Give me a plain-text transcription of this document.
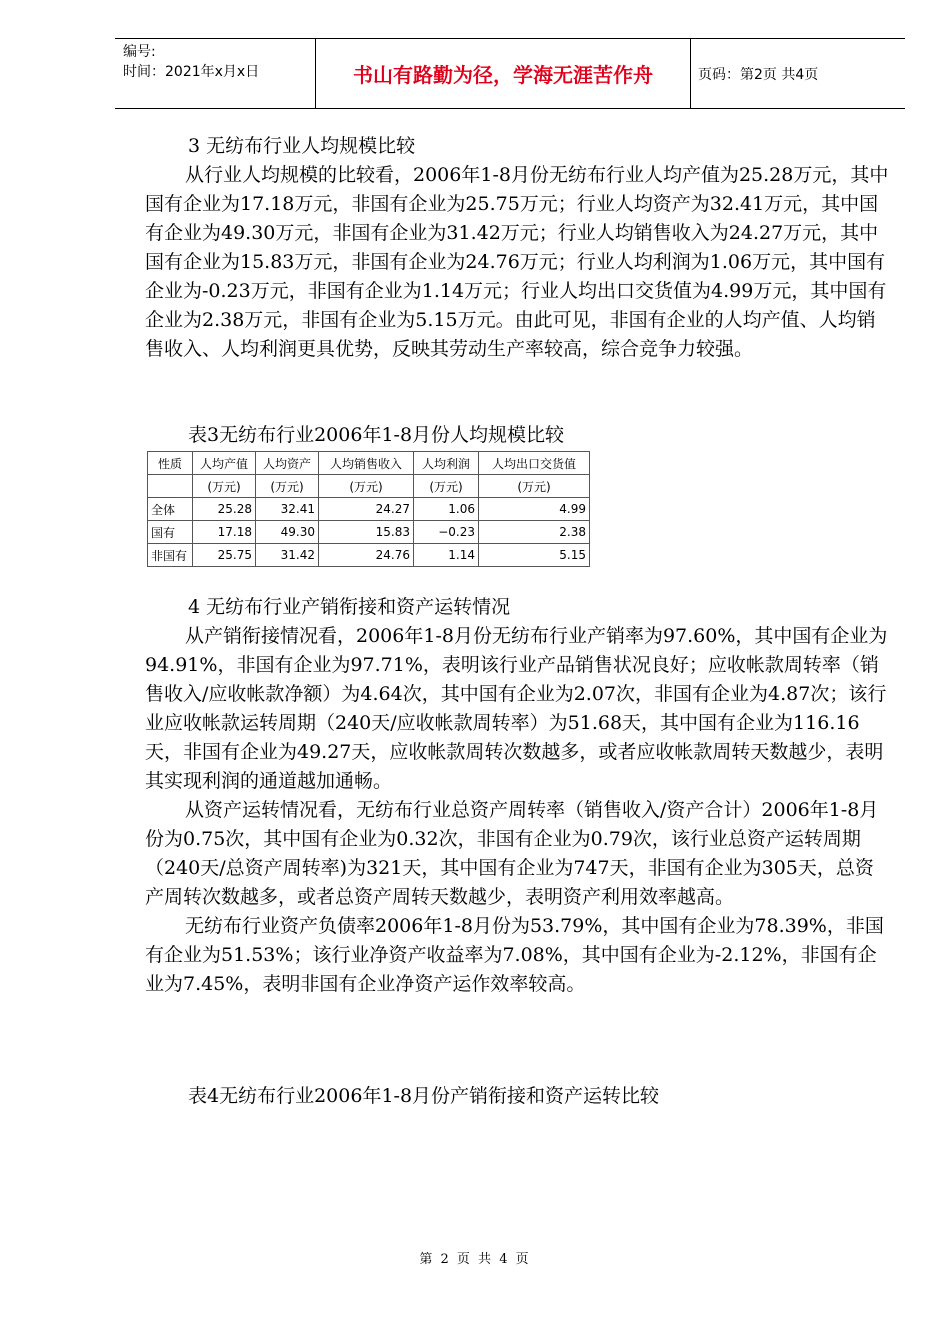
编号:
时间：2021年x月x日	书山有路勤为径，学海无涯苦作舟	页码：第2页 共4页
3 无纺布行业人均规模比较

从行业人均规模的比较看，2006年1-8月份无纺布行业人均产值为25.28万元，其中国有企业为17.18万元，非国有企业为25.75万元；行业人均资产为32.41万元，其中国有企业为49.30万元，非国有企业为31.42万元；行业人均销售收入为24.27万元，其中国有企业为15.83万元，非国有企业为24.76万元；行业人均利润为1.06万元，其中国有企业为-0.23万元，非国有企业为1.14万元；行业人均出口交货值为4.99万元，其中国有企业为2.38万元，非国有企业为5.15万元。由此可见，非国有企业的人均产值、人均销售收入、人均利润更具优势，反映其劳动生产率较高，综合竞争力较强。

表3无纺布行业2006年1-8月份人均规模比较
性质	人均产值	人均资产	人均销售收入	人均利润	人均出口交货值
	(万元)	(万元)	(万元)	(万元)	(万元)
全体	25.28	32.41	24.27	1.06	4.99
国有	17.18	49.30	15.83	−0.23	2.38
非国有	25.75	31.42	24.76	1.14	5.15
4 无纺布行业产销衔接和资产运转情况

从产销衔接情况看，2006年1-8月份无纺布行业产销率为97.60%，其中国有企业为94.91%，非国有企业为97.71%，表明该行业产品销售状况良好；应收帐款周转率（销售收入/应收帐款净额）为4.64次，其中国有企业为2.07次，非国有企业为4.87次；该行业应收帐款运转周期（240天/应收帐款周转率）为51.68天，其中国有企业为116.16天，非国有企业为49.27天，应收帐款周转次数越多，或者应收帐款周转天数越少，表明其实现利润的通道越加通畅。

从资产运转情况看，无纺布行业总资产周转率（销售收入/资产合计）2006年1-8月份为0.75次，其中国有企业为0.32次，非国有企业为0.79次，该行业总资产运转周期（240天/总资产周转率)为321天，其中国有企业为747天，非国有企业为305天，总资产周转次数越多，或者总资产周转天数越少，表明资产利用效率越高。

无纺布行业资产负债率2006年1-8月份为53.79%，其中国有企业为78.39%，非国有企业为51.53%；该行业净资产收益率为7.08%，其中国有企业为-2.12%，非国有企业为7.45%，表明非国有企业净资产运作效率较高。

表4无纺布行业2006年1-8月份产销衔接和资产运转比较
第 2 页 共 4 页
